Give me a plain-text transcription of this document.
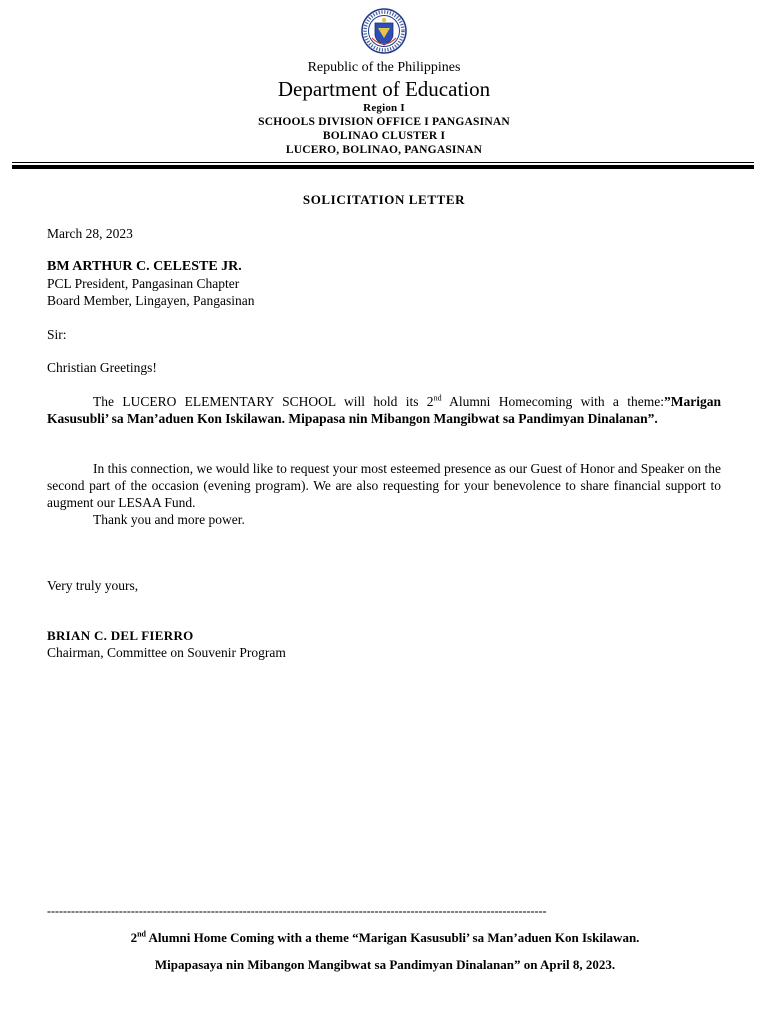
Republic of the Philippines
Department of Education
Region I
SCHOOLS DIVISION OFFICE I PANGASINAN
BOLINAO CLUSTER I
LUCERO, BOLINAO, PANGASINAN
SOLICITATION LETTER
March 28, 2023
BM ARTHUR C. CELESTE JR.
PCL President, Pangasinan Chapter
Board Member, Lingayen, Pangasinan
Sir:
Christian Greetings!
The LUCERO ELEMENTARY SCHOOL will hold its 2nd Alumni Homecoming with a theme:”Marigan Kasusubli’ sa Man’aduen Kon Iskilawan. Mipapasa nin Mibangon Mangibwat sa Pandimyan Dinalanan”.
In this connection, we would like to request your most esteemed presence as our Guest of Honor and Speaker on the second part of the occasion (evening program). We are also requesting for your benevolence to share financial support to augment our LESAA Fund.
Thank you and more power.
Very truly yours,
BRIAN C. DEL FIERRO
Chairman, Committee on Souvenir Program
-----------------------------------------------------------------------------------------------------------------------------
2nd Alumni Home Coming with a theme “Marigan Kasusubli’ sa Man’aduen Kon Iskilawan.
Mipapasaya nin Mibangon Mangibwat sa Pandimyan Dinalanan” on April 8, 2023.
